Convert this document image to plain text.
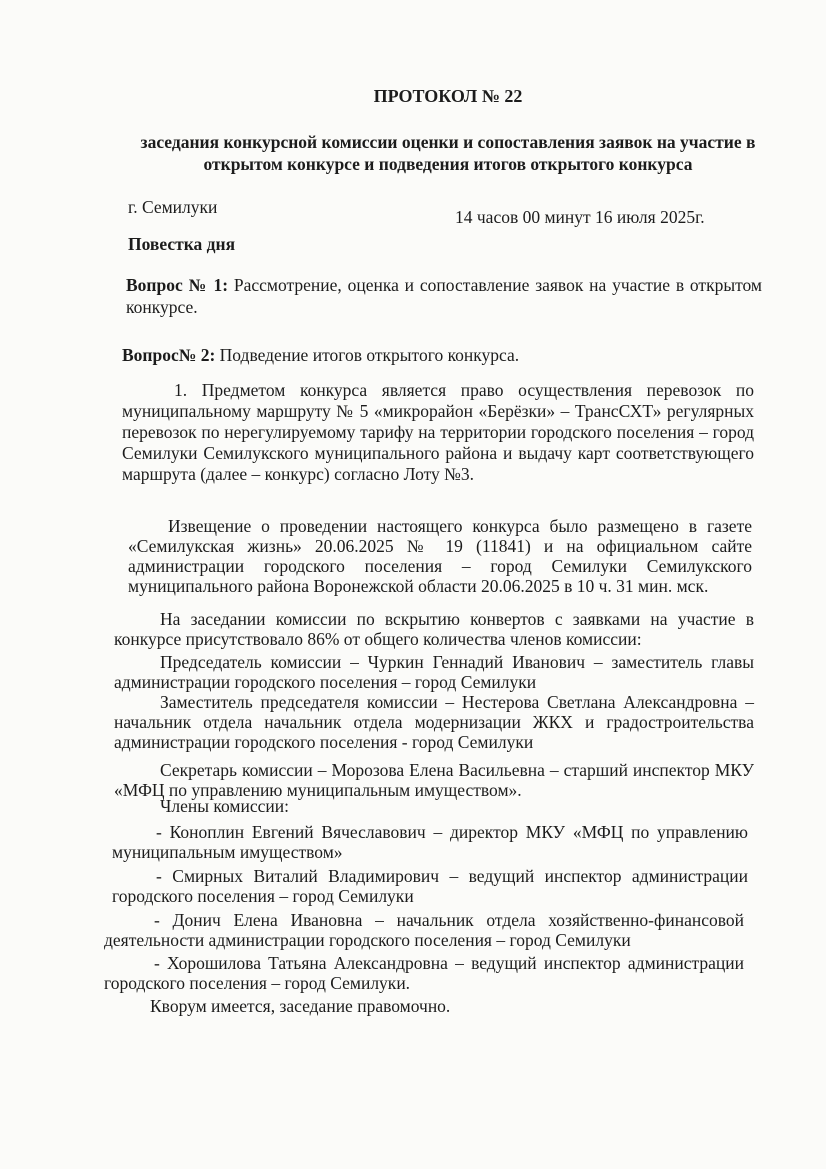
ПРОТОКОЛ № 22
заседания конкурсной комиссии оценки и сопоставления заявок на участие в открытом конкурсе и подведения итогов открытого конкурса
г. Семилуки	14 часов 00 минут 16 июля 2025г.
Повестка дня
Вопрос № 1: Рассмотрение, оценка и сопоставление заявок на участие в открытом конкурсе.
Вопрос№ 2: Подведение итогов открытого конкурса.
1. Предметом конкурса является право осуществления перевозок по муниципальному маршруту № 5 «микрорайон «Берёзки» – ТрансСХТ» регулярных перевозок по нерегулируемому тарифу на территории городского поселения – город Семилуки Семилукского муниципального района и выдачу карт соответствующего маршрута (далее – конкурс) согласно Лоту №3.
Извещение о проведении настоящего конкурса было размещено в газете «Семилукская жизнь» 20.06.2025 № 19 (11841) и на официальном сайте администрации городского поселения – город Семилуки Семилукского муниципального района Воронежской области 20.06.2025 в 10 ч. 31 мин. мск.
На заседании комиссии по вскрытию конвертов с заявками на участие в конкурсе присутствовало 86% от общего количества членов комиссии:
Председатель комиссии – Чуркин Геннадий Иванович – заместитель главы администрации городского поселения – город Семилуки
Заместитель председателя комиссии – Нестерова Светлана Александровна – начальник отдела начальник отдела модернизации ЖКХ и градостроительства администрации городского поселения - город Семилуки
Секретарь комиссии – Морозова Елена Васильевна – старший инспектор МКУ «МФЦ по управлению муниципальным имуществом».
Члены комиссии:
- Коноплин Евгений Вячеславович – директор МКУ «МФЦ по управлению муниципальным имуществом»
- Смирных Виталий Владимирович – ведущий инспектор администрации городского поселения – город Семилуки
- Донич Елена Ивановна – начальник отдела хозяйственно-финансовой деятельности администрации городского поселения – город Семилуки
- Хорошилова Татьяна Александровна – ведущий инспектор администрации городского поселения – город Семилуки.
Кворум имеется, заседание правомочно.
